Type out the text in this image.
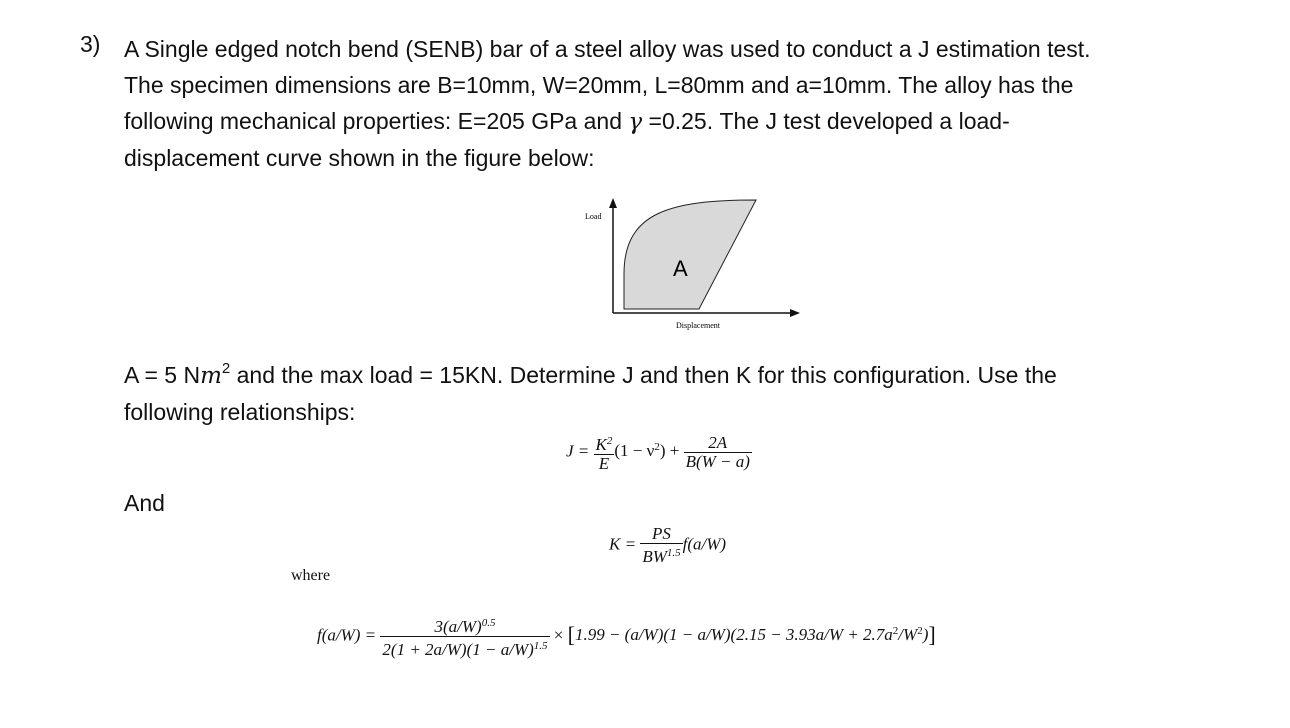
3) A Single edged notch bend (SENB) bar of a steel alloy was used to conduct a J estimation test.
The specimen dimensions are B=10mm, W=20mm, L=80mm and a=10mm. The alloy has the
following mechanical properties: E=205 GPa and γ =0.25. The J test developed a load-
displacement curve shown in the figure below:
Load
Displacement
A
A = 5 Nm$^2$ and the max load = 15KN. Determine J and then K for this configuration. Use the
following relationships:
$J = \frac{K^2}{E} (1 - \nu^2) + \frac{2A}{B(W - a)}$
And
$K = \frac{PS}{BW^{1.5}} f(a/W)$
where
$f(a/W) = \frac{3(a/W)^{0.5}}{2(1 + 2a/W)(1 - a/W)^{1.5}} \times [1.99 - (a/W)(1 - a/W)(2.15 - 3.93a/W + 2.7a^2/W^2)]$
